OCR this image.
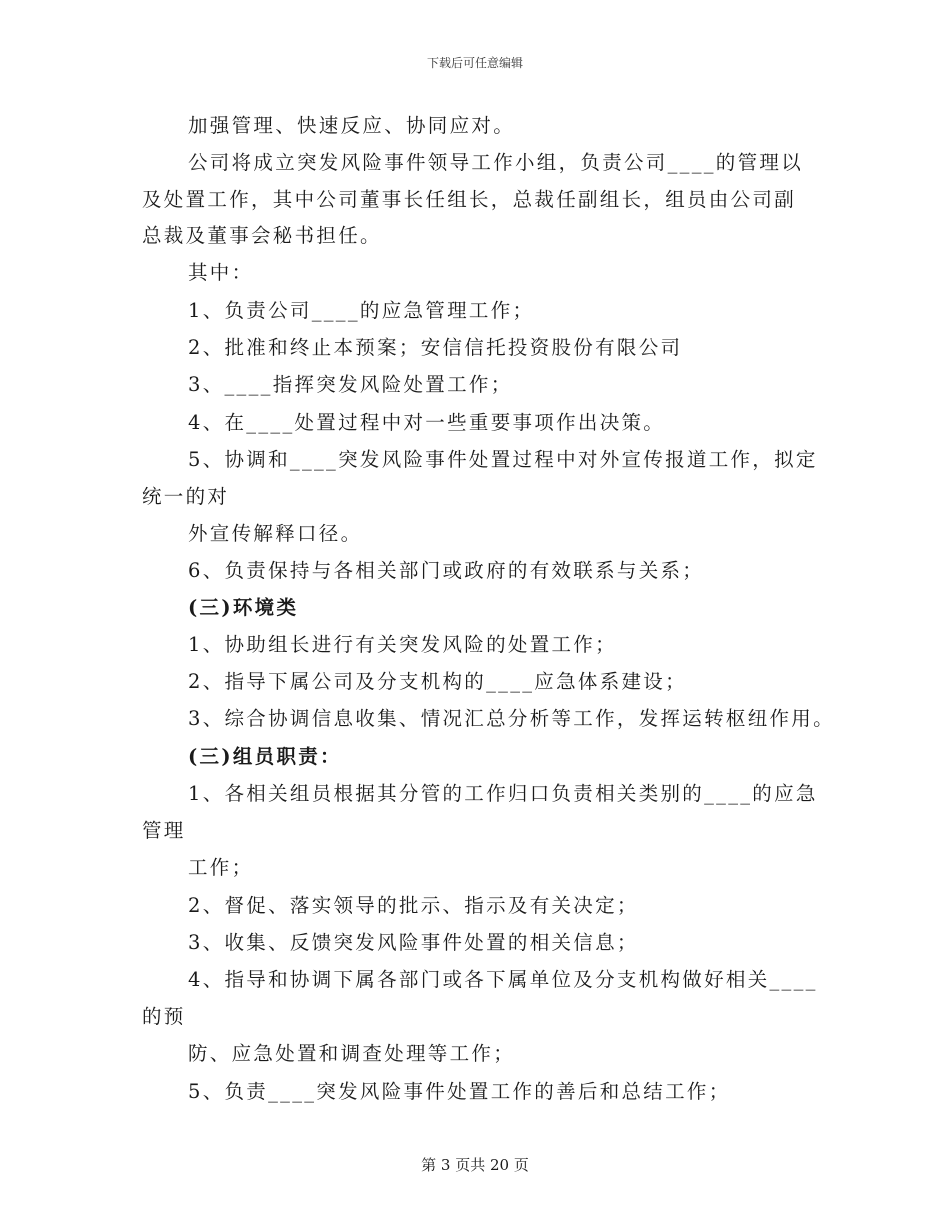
下载后可任意编辑
加强管理、快速反应、协同应对。
公司将成立突发风险事件领导工作小组，负责公司____的管理以
及处置工作，其中公司董事长任组长，总裁任副组长，组员由公司副
总裁及董事会秘书担任。
其中：
1、负责公司____的应急管理工作；
2、批准和终止本预案；安信信托投资股份有限公司
3、____指挥突发风险处置工作；
4、在____处置过程中对一些重要事项作出决策。
5、协调和____突发风险事件处置过程中对外宣传报道工作，拟定
统一的对
外宣传解释口径。
6、负责保持与各相关部门或政府的有效联系与关系；
(三)环境类
1、协助组长进行有关突发风险的处置工作；
2、指导下属公司及分支机构的____应急体系建设；
3、综合协调信息收集、情况汇总分析等工作，发挥运转枢纽作用。
(三)组员职责：
1、各相关组员根据其分管的工作归口负责相关类别的____的应急
管理
工作；
2、督促、落实领导的批示、指示及有关决定；
3、收集、反馈突发风险事件处置的相关信息；
4、指导和协调下属各部门或各下属单位及分支机构做好相关____
的预
防、应急处置和调查处理等工作；
5、负责____突发风险事件处置工作的善后和总结工作；
第 3 页共 20 页
